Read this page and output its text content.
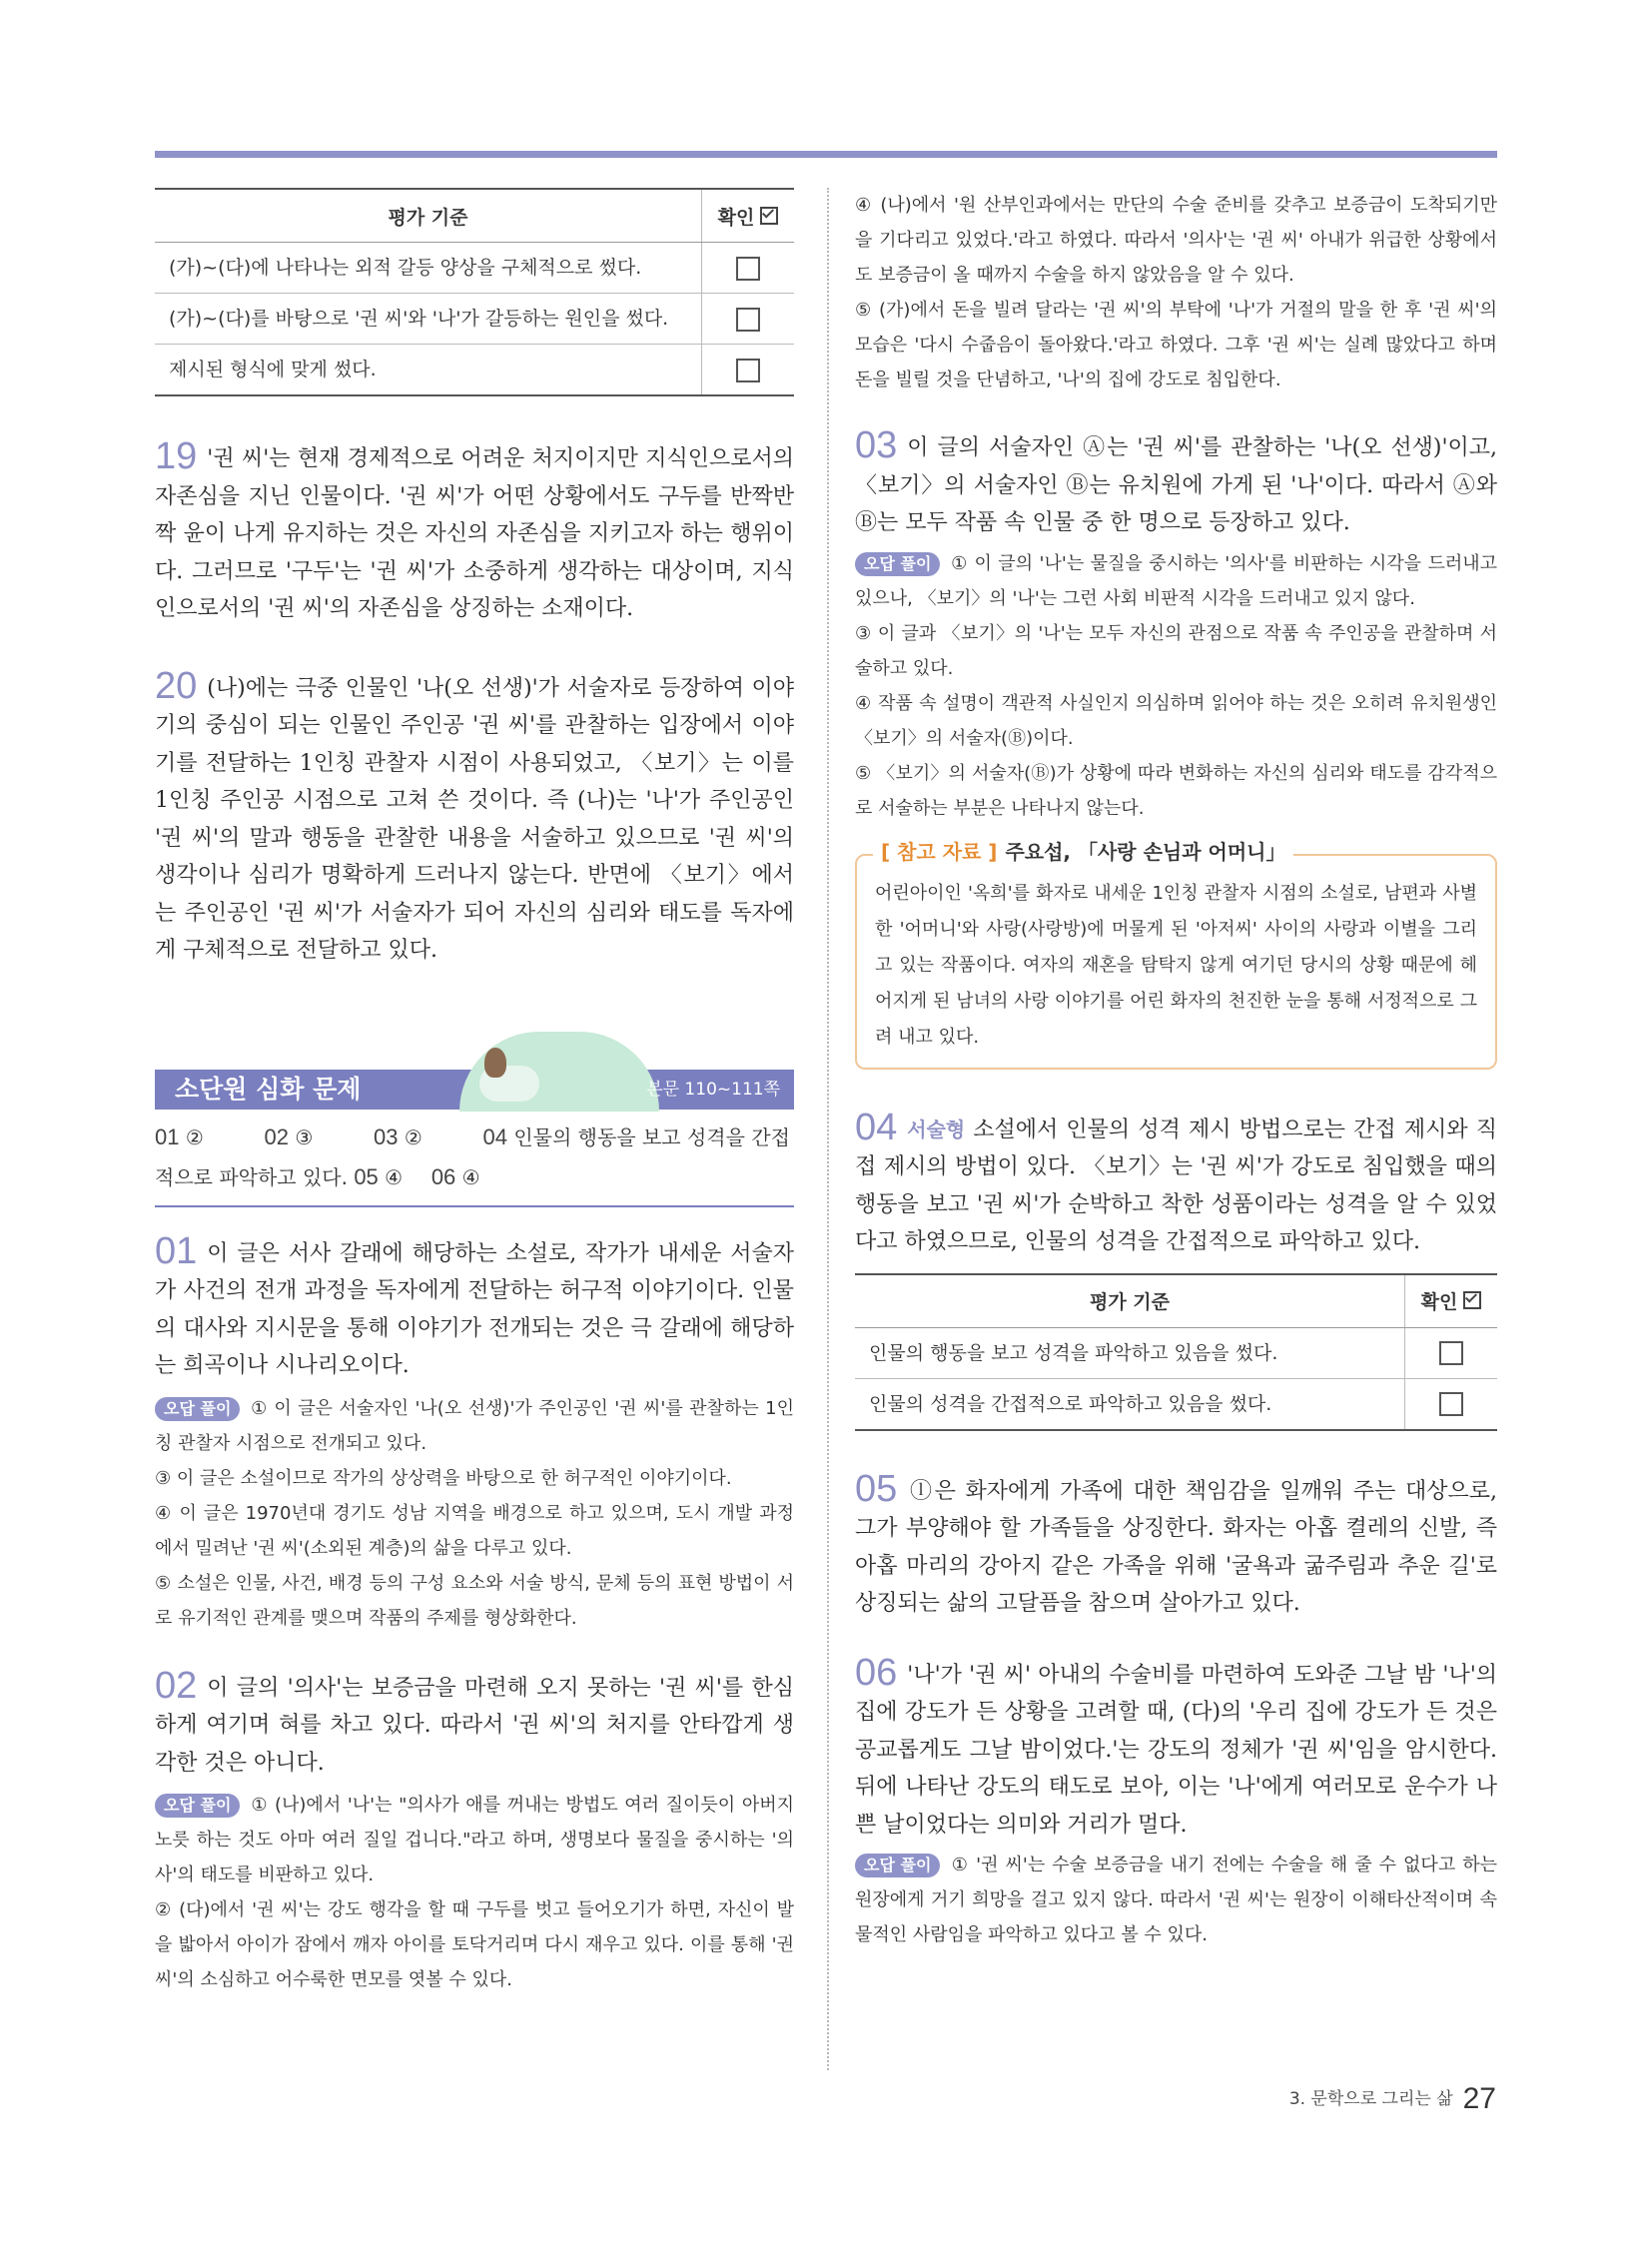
평가 기준	확인
(가)~(다)에 나타나는 외적 갈등 양상을 구체적으로 썼다.	
(가)~(다)를 바탕으로 '권 씨'와 '나'가 갈등하는 원인을 썼다.	
제시된 형식에 맞게 썼다.	
19 '권 씨'는 현재 경제적으로 어려운 처지이지만 지식인으로서의 자존심을 지닌 인물이다. '권 씨'가 어떤 상황에서도 구두를 반짝반짝 윤이 나게 유지하는 것은 자신의 자존심을 지키고자 하는 행위이다. 그러므로 '구두'는 '권 씨'가 소중하게 생각하는 대상이며, 지식인으로서의 '권 씨'의 자존심을 상징하는 소재이다.
20 (나)에는 극중 인물인 '나(오 선생)'가 서술자로 등장하여 이야기의 중심이 되는 인물인 주인공 '권 씨'를 관찰하는 입장에서 이야기를 전달하는 1인칭 관찰자 시점이 사용되었고, 〈보기〉는 이를 1인칭 주인공 시점으로 고쳐 쓴 것이다. 즉 (나)는 '나'가 주인공인 '권 씨'의 말과 행동을 관찰한 내용을 서술하고 있으므로 '권 씨'의 생각이나 심리가 명확하게 드러나지 않는다. 반면에 〈보기〉에서는 주인공인 '권 씨'가 서술자가 되어 자신의 심리와 태도를 독자에게 구체적으로 전달하고 있다.
소단원 심화 문제	본문 110~111쪽
01 ②	02 ③	03 ②	04 인물의 행동을 보고 성격을 간접적으로 파악하고 있다. 05 ④ 06 ④
01 이 글은 서사 갈래에 해당하는 소설로, 작가가 내세운 서술자가 사건의 전개 과정을 독자에게 전달하는 허구적 이야기이다. 인물의 대사와 지시문을 통해 이야기가 전개되는 것은 극 갈래에 해당하는 희곡이나 시나리오이다.

오답 풀이 ① 이 글은 서술자인 '나(오 선생)'가 주인공인 '권 씨'를 관찰하는 1인칭 관찰자 시점으로 전개되고 있다.

③ 이 글은 소설이므로 작가의 상상력을 바탕으로 한 허구적인 이야기이다.

④ 이 글은 1970년대 경기도 성남 지역을 배경으로 하고 있으며, 도시 개발 과정에서 밀려난 '권 씨'(소외된 계층)의 삶을 다루고 있다.

⑤ 소설은 인물, 사건, 배경 등의 구성 요소와 서술 방식, 문체 등의 표현 방법이 서로 유기적인 관계를 맺으며 작품의 주제를 형상화한다.

02 이 글의 '의사'는 보증금을 마련해 오지 못하는 '권 씨'를 한심하게 여기며 혀를 차고 있다. 따라서 '권 씨'의 처지를 안타깝게 생각한 것은 아니다.

오답 풀이 ① (나)에서 '나'는 "의사가 애를 꺼내는 방법도 여러 질이듯이 아버지 노릇 하는 것도 아마 여러 질일 겁니다."라고 하며, 생명보다 물질을 중시하는 '의사'의 태도를 비판하고 있다.

② (다)에서 '권 씨'는 강도 행각을 할 때 구두를 벗고 들어오기가 하면, 자신이 발을 밟아서 아이가 잠에서 깨자 아이를 토닥거리며 다시 재우고 있다. 이를 통해 '권 씨'의 소심하고 어수룩한 면모를 엿볼 수 있다.

④ (나)에서 '원 산부인과에서는 만단의 수술 준비를 갖추고 보증금이 도착되기만을 기다리고 있었다.'라고 하였다. 따라서 '의사'는 '권 씨' 아내가 위급한 상황에서도 보증금이 올 때까지 수술을 하지 않았음을 알 수 있다.

⑤ (가)에서 돈을 빌려 달라는 '권 씨'의 부탁에 '나'가 거절의 말을 한 후 '권 씨'의 모습은 '다시 수줍음이 돌아왔다.'라고 하였다. 그후 '권 씨'는 실례 많았다고 하며 돈을 빌릴 것을 단념하고, '나'의 집에 강도로 침입한다.

03 이 글의 서술자인 Ⓐ는 '권 씨'를 관찰하는 '나(오 선생)'이고, 〈보기〉의 서술자인 Ⓑ는 유치원에 가게 된 '나'이다. 따라서 Ⓐ와 Ⓑ는 모두 작품 속 인물 중 한 명으로 등장하고 있다.

오답 풀이 ① 이 글의 '나'는 물질을 중시하는 '의사'를 비판하는 시각을 드러내고 있으나, 〈보기〉의 '나'는 그런 사회 비판적 시각을 드러내고 있지 않다.

③ 이 글과 〈보기〉의 '나'는 모두 자신의 관점으로 작품 속 주인공을 관찰하며 서술하고 있다.

④ 작품 속 설명이 객관적 사실인지 의심하며 읽어야 하는 것은 오히려 유치원생인 〈보기〉의 서술자(Ⓑ)이다.

⑤ 〈보기〉의 서술자(Ⓑ)가 상황에 따라 변화하는 자신의 심리와 태도를 감각적으로 서술하는 부분은 나타나지 않는다.

[ 참고 자료 ] 주요섭, 「사랑 손님과 어머니」
어린아이인 '옥희'를 화자로 내세운 1인칭 관찰자 시점의 소설로, 남편과 사별한 '어머니'와 사랑(사랑방)에 머물게 된 '아저씨' 사이의 사랑과 이별을 그리고 있는 작품이다. 여자의 재혼을 탐탁지 않게 여기던 당시의 상황 때문에 헤어지게 된 남녀의 사랑 이야기를 어린 화자의 천진한 눈을 통해 서정적으로 그려 내고 있다.
04 서술형 소설에서 인물의 성격 제시 방법으로는 간접 제시와 직접 제시의 방법이 있다. 〈보기〉는 '권 씨'가 강도로 침입했을 때의 행동을 보고 '권 씨'가 순박하고 착한 성품이라는 성격을 알 수 있었다고 하였으므로, 인물의 성격을 간접적으로 파악하고 있다.
평가 기준	확인
인물의 행동을 보고 성격을 파악하고 있음을 썼다.	
인물의 성격을 간접적으로 파악하고 있음을 썼다.	
05 ⓛ은 화자에게 가족에 대한 책임감을 일깨워 주는 대상으로, 그가 부양해야 할 가족들을 상징한다. 화자는 아홉 켤레의 신발, 즉 아홉 마리의 강아지 같은 가족을 위해 '굴욕과 굶주림과 추운 길'로 상징되는 삶의 고달픔을 참으며 살아가고 있다.
06 '나'가 '권 씨' 아내의 수술비를 마련하여 도와준 그날 밤 '나'의 집에 강도가 든 상황을 고려할 때, (다)의 '우리 집에 강도가 든 것은 공교롭게도 그날 밤이었다.'는 강도의 정체가 '권 씨'임을 암시한다. 뒤에 나타난 강도의 태도로 보아, 이는 '나'에게 여러모로 운수가 나쁜 날이었다는 의미와 거리가 멀다.

오답 풀이 ① '권 씨'는 수술 보증금을 내기 전에는 수술을 해 줄 수 없다고 하는 원장에게 거기 희망을 걸고 있지 않다. 따라서 '권 씨'는 원장이 이해타산적이며 속물적인 사람임을 파악하고 있다고 볼 수 있다.

3. 문학으로 그리는 삶 27
